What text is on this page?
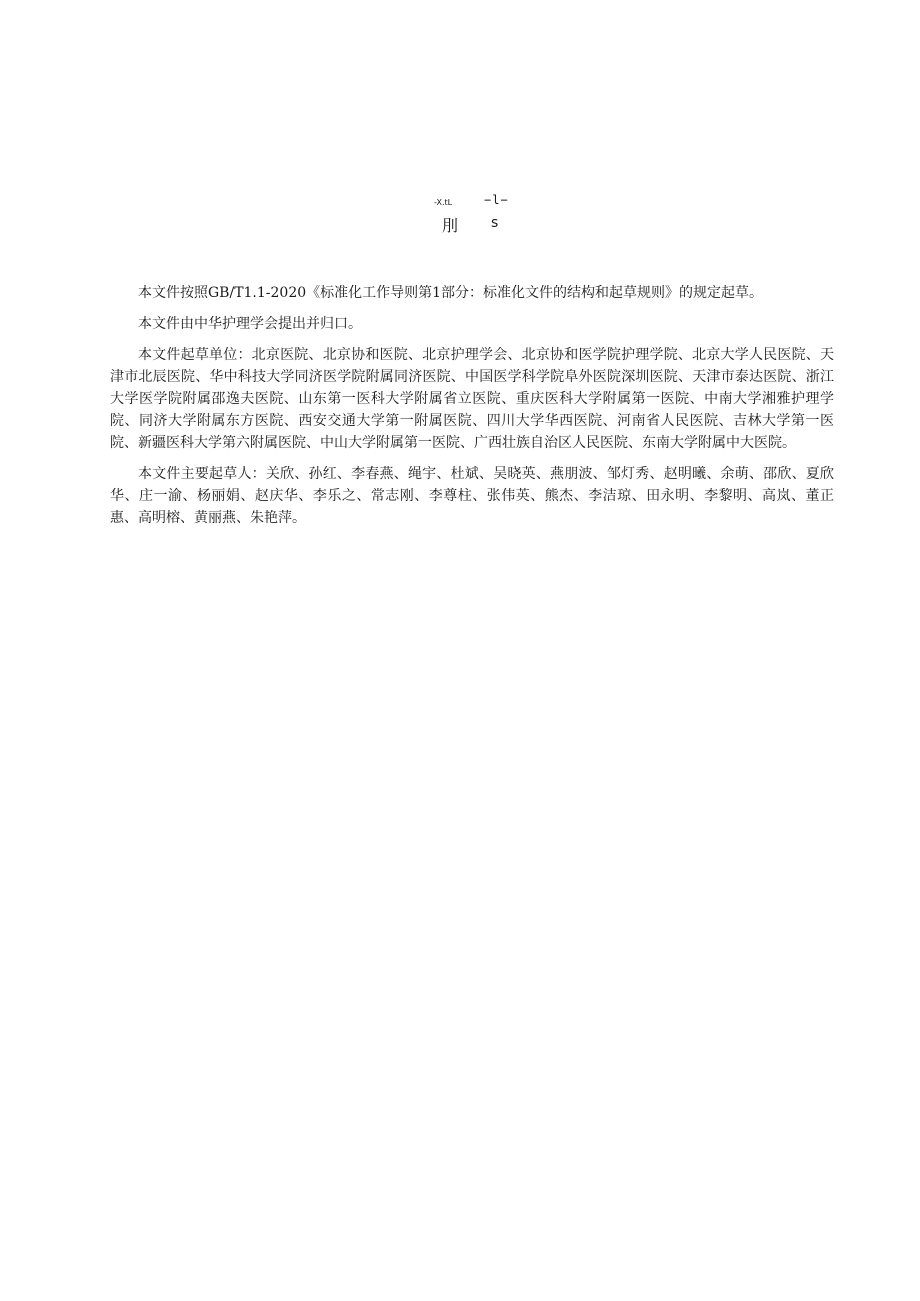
-X.tL	−l−
刖 s

本文件按照GB/T1.1-2020《标准化工作导则第1部分：标准化文件的结构和起草规则》的规定起草。

本文件由中华护理学会提出并归口。

本文件起草单位：北京医院、北京协和医院、北京护理学会、北京协和医学院护理学院、北京大学人民医院、天津市北辰医院、华中科技大学同济医学院附属同济医院、中国医学科学院阜外医院深圳医院、天津市泰达医院、浙江大学医学院附属邵逸夫医院、山东第一医科大学附属省立医院、重庆医科大学附属第一医院、中南大学湘雅护理学院、同济大学附属东方医院、西安交通大学第一附属医院、四川大学华西医院、河南省人民医院、吉林大学第一医院、新疆医科大学第六附属医院、中山大学附属第一医院、广西壮族自治区人民医院、东南大学附属中大医院。

本文件主要起草人：关欣、孙红、李春燕、绳宇、杜斌、吴晓英、燕朋波、邹灯秀、赵明曦、余萌、邵欣、夏欣华、庄一渝、杨丽娟、赵庆华、李乐之、常志刚、李尊柱、张伟英、熊杰、李洁琼、田永明、李黎明、高岚、董正惠、高明榕、黄丽燕、朱艳萍。
